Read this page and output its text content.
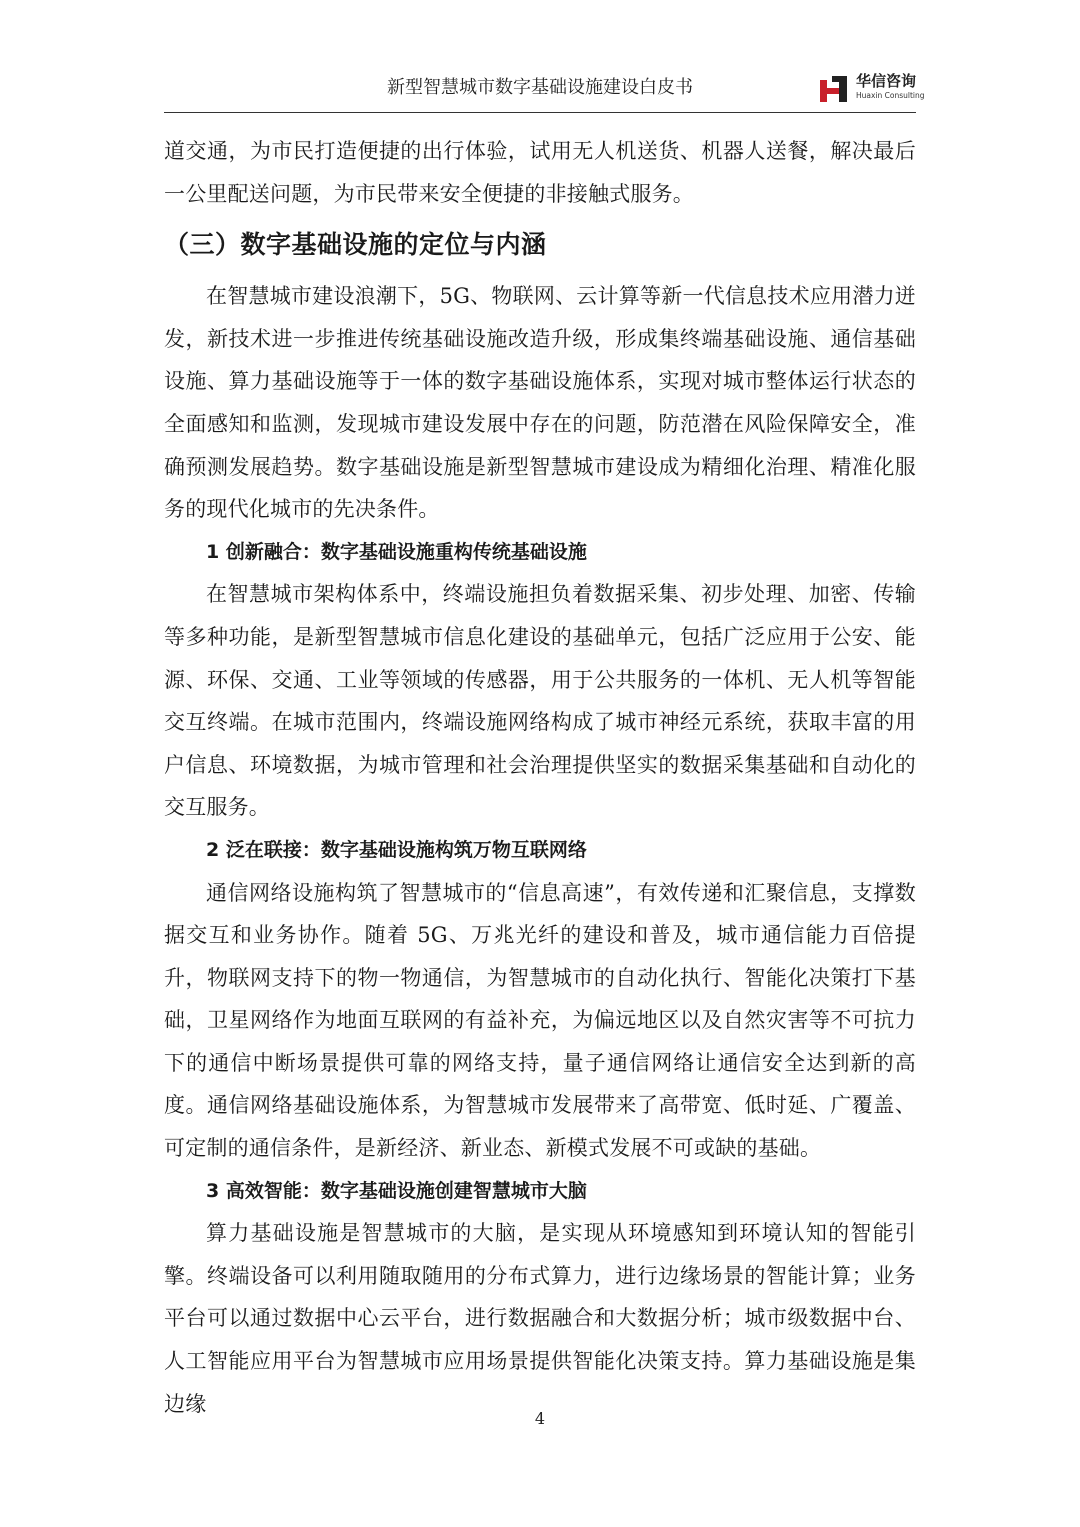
新型智慧城市数字基础设施建设白皮书	华信咨询
Huaxin Consulting

道交通，为市民打造便捷的出行体验，试用无人机送货、机器人送餐，解决最后一公里配送问题，为市民带来安全便捷的非接触式服务。

（三）数字基础设施的定位与内涵

在智慧城市建设浪潮下，5G、物联网、云计算等新一代信息技术应用潜力迸发，新技术进一步推进传统基础设施改造升级，形成集终端基础设施、通信基础设施、算力基础设施等于一体的数字基础设施体系，实现对城市整体运行状态的全面感知和监测，发现城市建设发展中存在的问题，防范潜在风险保障安全，准确预测发展趋势。数字基础设施是新型智慧城市建设成为精细化治理、精准化服务的现代化城市的先决条件。

1 创新融合：数字基础设施重构传统基础设施

在智慧城市架构体系中，终端设施担负着数据采集、初步处理、加密、传输等多种功能，是新型智慧城市信息化建设的基础单元，包括广泛应用于公安、能源、环保、交通、工业等领域的传感器，用于公共服务的一体机、无人机等智能交互终端。在城市范围内，终端设施网络构成了城市神经元系统，获取丰富的用户信息、环境数据，为城市管理和社会治理提供坚实的数据采集基础和自动化的交互服务。

2 泛在联接：数字基础设施构筑万物互联网络

通信网络设施构筑了智慧城市的“信息高速”，有效传递和汇聚信息，支撑数据交互和业务协作。随着 5G、万兆光纤的建设和普及，城市通信能力百倍提升，物联网支持下的物一物通信，为智慧城市的自动化执行、智能化决策打下基础，卫星网络作为地面互联网的有益补充，为偏远地区以及自然灾害等不可抗力下的通信中断场景提供可靠的网络支持，量子通信网络让通信安全达到新的高度。通信网络基础设施体系，为智慧城市发展带来了高带宽、低时延、广覆盖、可定制的通信条件，是新经济、新业态、新模式发展不可或缺的基础。

3 高效智能：数字基础设施创建智慧城市大脑

算力基础设施是智慧城市的大脑，是实现从环境感知到环境认知的智能引擎。终端设备可以利用随取随用的分布式算力，进行边缘场景的智能计算；业务平台可以通过数据中心云平台，进行数据融合和大数据分析；城市级数据中台、人工智能应用平台为智慧城市应用场景提供智能化决策支持。算力基础设施是集边缘

4
